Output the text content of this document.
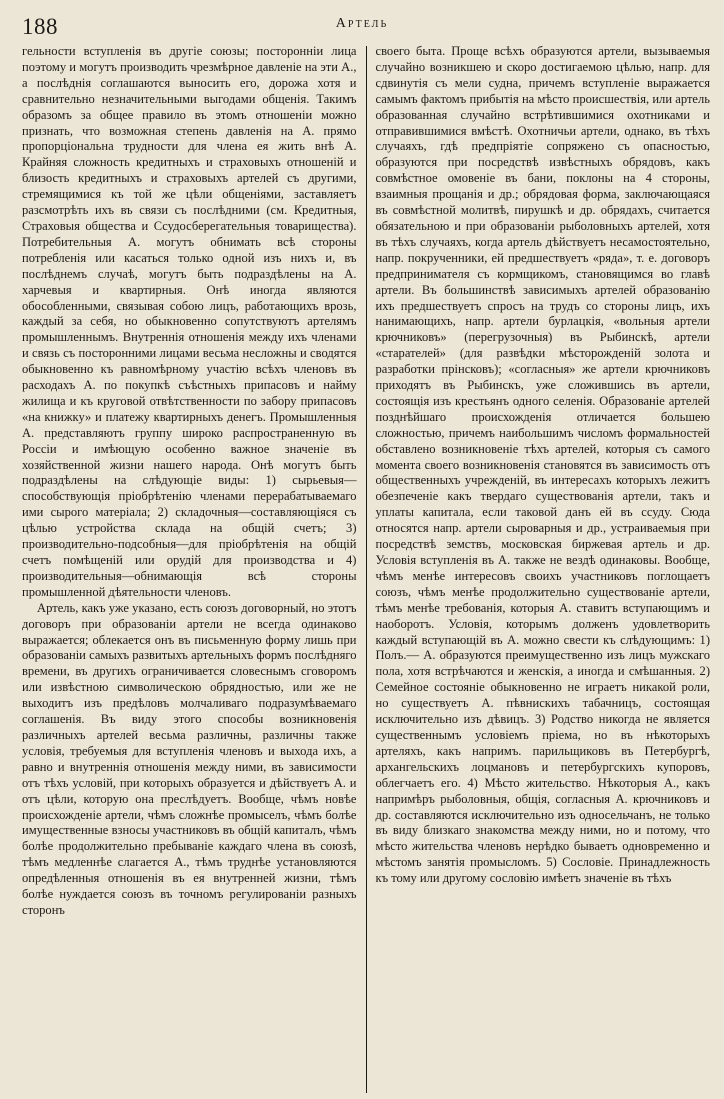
188	Артель

гельности вступленія въ другіе союзы; посторонніи лица поэтому и могутъ производить чрезмѣрное давленіе на эти А., а послѣднія соглашаются выносить его, дорожа хотя и сравнительно незначительными выгодами общенія. Такимъ образомъ за общее правило въ этомъ отношеніи можно признать, что возможная степень давленія на А. прямо пропорціональна трудности для члена ея жить внѣ А. Крайняя сложность кредитныхъ и страховыхъ отношеній и близость кредитныхъ и страховыхъ артелей съ другими, стремящимися къ той же цѣли общеніями, заставляетъ разсмотрѣть ихъ въ связи съ послѣдними (см. Кредитныя, Страховыя общества и Ссудосберегательныя товарищества). Потребительныя А. могутъ обнимать всѣ стороны потребленія или касаться только одной изъ нихъ и, въ послѣднемъ случаѣ, могутъ быть подраздѣлены на А. харчевыя и квартирныя. Онѣ иногда являются обособленными, связывая собою лицъ, работающихъ врозь, каждый за себя, но обыкновенно сопутствуютъ артелямъ промышленнымъ. Внутреннія отношенія между ихъ членами и связь съ посторонними лицами весьма несложны и сводятся обыкновенно къ равномѣрному участію всѣхъ членовъ въ расходахъ А. по покупкѣ съѣстныхъ припасовъ и найму жилища и къ круговой отвѣтственности по забору припасовъ «на книжку» и платежу квартирныхъ денегъ. Промышленныя А. представляютъ группу широко распространенную въ Россіи и имѣющую особенно важное значеніе въ хозяйственной жизни нашего народа. Онѣ могутъ быть подраздѣлены на слѣдующіе виды: 1) сырьевыя—способствующія пріобрѣтенію членами перерабатываемаго ими сырого матеріала; 2) складочныя—составляющіяся съ цѣлью устройства склада на общій счетъ; 3) производительно-подсобныя—для пріобрѣтенія на общій счетъ помѣщеній или орудій для производства и 4) производительныя—обнимающія всѣ стороны промышленной дѣятельности членовъ.

Артель, какъ уже указано, есть союзъ договорный, но этотъ договоръ при образованіи артели не всегда одинаково выражается; облекается онъ въ письменную форму лишь при образованіи самыхъ развитыхъ артельныхъ формъ послѣдняго времени, въ другихъ ограничивается словеснымъ сговоромъ или извѣстною символическою обрядностью, или же не выходитъ изъ предѣловъ молчаливаго подразумѣваемаго соглашенія. Въ виду этого способы возникновенія различныхъ артелей весьма различны, различны также условія, требуемыя для вступленія членовъ и выхода ихъ, а равно и внутреннія отношенія между ними, въ зависимости отъ тѣхъ условій, при которыхъ образуется и дѣйствуетъ А. и отъ цѣли, которую она преслѣдуетъ. Вообще, чѣмъ новѣе происхожденіе артели, чѣмъ сложнѣе промыселъ, чѣмъ болѣе имущественные взносы участниковъ въ общій капиталъ, чѣмъ болѣе продолжительно пребываніе каждаго члена въ союзѣ, тѣмъ медленнѣе слагается А., тѣмъ труднѣе установляются опредѣленныя отношенія въ ея внутренней жизни, тѣмъ болѣе нуждается союзъ въ точномъ регулированіи разныхъ сторонъ

своего быта. Проще всѣхъ образуются артели, вызываемыя случайно возникшею и скоро достигаемою цѣлью, напр. для сдвинутія съ мели судна, причемъ вступленіе выражается самымъ фактомъ прибытія на мѣсто происшествія, или артель образованная случайно встрѣтившимися охотниками и отправившимися вмѣстѣ. Охотничьи артели, однако, въ тѣхъ случаяхъ, гдѣ предпріятіе сопряжено съ опасностью, образуются при посредствѣ извѣстныхъ обрядовъ, какъ совмѣстное омовеніе въ бани, поклоны на 4 стороны, взаимныя прощанія и др.; обрядовая форма, заключающаяся въ совмѣстной молитвѣ, пирушкѣ и др. обрядахъ, считается обязательною и при образованіи рыболовныхъ артелей, хотя въ тѣхъ случаяхъ, когда артель дѣйствуетъ несамостоятельно, напр. покрученники, ей предшествуетъ «ряда», т. е. договоръ предпринимателя съ кормщикомъ, становящимся во главѣ артели. Въ большинствѣ зависимыхъ артелей образованію ихъ предшествуетъ спросъ на трудъ со стороны лицъ, ихъ нанимающихъ, напр. артели бурлацкія, «вольныя артели крючниковъ» (перегрузочныя) въ Рыбинскѣ, артели «старателей» (для развѣдки мѣсторожденій золота и разработки прінсковъ); «согласныя» же артели крючниковъ приходятъ въ Рыбинскъ, уже сложившись въ артели, состоящія изъ крестьянъ одного селенія. Образованіе артелей позднѣйшаго происхожденія отличается большею сложностью, причемъ наибольшимъ числомъ формальностей обставлено возникновеніе тѣхъ артелей, которыя съ самого момента своего возникновенія становятся въ зависимость отъ общественныхъ учрежденій, въ интересахъ которыхъ лежитъ обезпеченіе какъ твердаго существованія артели, такъ и уплаты капитала, если таковой данъ ей въ ссуду. Сюда относятся напр. артели сыроварныя и др., устраиваемыя при посредствѣ земствъ, московская биржевая артель и др. Условія вступленія въ А. также не вездѣ одинаковы. Вообще, чѣмъ менѣе интересовъ своихъ участниковъ поглощаетъ союзъ, чѣмъ менѣе продолжительно существованіе артели, тѣмъ менѣе требованія, которыя А. ставитъ вступающимъ и наоборотъ. Условія, которымъ долженъ удовлетворить каждый вступающій въ А. можно свести къ слѣдующимъ: 1) Полъ.— А. образуются преимущественно изъ лицъ мужскаго пола, хотя встрѣчаются и женскія, а иногда и смѣшанныя. 2) Семейное состояніе обыкновенно не играетъ никакой роли, но существуетъ А. пѣвнискихъ табачницъ, состоящая исключительно изъ дѣвицъ. 3) Родство никогда не является существеннымъ условіемъ пріема, но въ нѣкоторыхъ артеляхъ, какъ напримъ. парильщиковъ въ Петербургѣ, архангельскихъ лоцмановъ и петербургскихъ купоровъ, облегчаетъ его. 4) Мѣсто жительство. Нѣкоторыя А., какъ напримѣръ рыболовныя, общія, согласныя А. крючниковъ и др. составляются исключительно изъ односельчанъ, не только въ виду близкаго знакомства между ними, но и потому, что мѣсто жительства членовъ нерѣдко бываетъ одновременно и мѣстомъ занятія промысломъ. 5) Сословіе. Принадлежность къ тому или другому сословію имѣетъ значеніе въ тѣхъ
